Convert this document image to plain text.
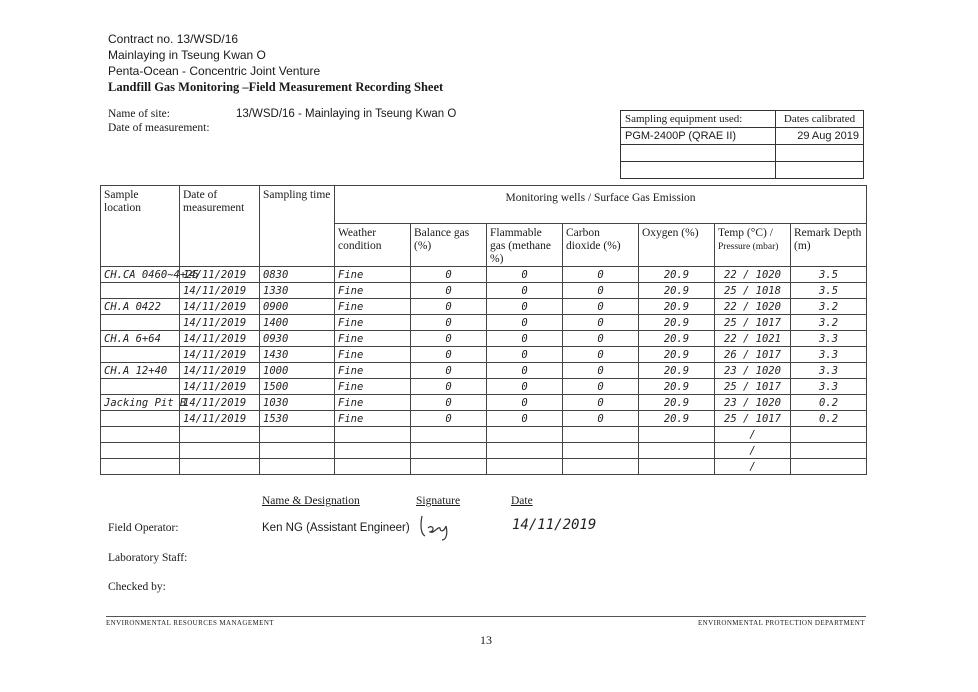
Contract no. 13/WSD/16
Mainlaying in Tseung Kwan O
Penta-Ocean - Concentric Joint Venture
Landfill Gas Monitoring –Field Measurement Recording Sheet
Name of site:	13/WSD/16 - Mainlaying in Tseung Kwan O
Date of measurement:
Sampling equipment used:	Dates calibrated
PGM-2400P (QRAE II)	29 Aug 2019

Sample location	Date of measurement	Sampling time	Monitoring wells / Surface Gas Emission						
			Weather condition	Balance gas (%)	Flammable gas (methane %)	Carbon dioxide (%)	Oxygen (%)	Temp (°C) /
Pressure (mbar)	Remark Depth (m)
CH.CA 0460~4+25	14/11/2019	0830	Fine	0	0	0	20.9	22 / 1020	3.5
	14/11/2019	1330	Fine	0	0	0	20.9	25 / 1018	3.5
CH.A 0422	14/11/2019	0900	Fine	0	0	0	20.9	22 / 1020	3.2
	14/11/2019	1400	Fine	0	0	0	20.9	25 / 1017	3.2
CH.A 6+64	14/11/2019	0930	Fine	0	0	0	20.9	22 / 1021	3.3
	14/11/2019	1430	Fine	0	0	0	20.9	26 / 1017	3.3
CH.A 12+40	14/11/2019	1000	Fine	0	0	0	20.9	23 / 1020	3.3
	14/11/2019	1500	Fine	0	0	0	20.9	25 / 1017	3.3
Jacking Pit B	14/11/2019	1030	Fine	0	0	0	20.9	23 / 1020	0.2
	14/11/2019	1530	Fine	0	0	0	20.9	25 / 1017	0.2
								/	
								/	
								/	
Name & Designation	Signature	Date
Field Operator:	Ken NG (Assistant Engineer)	14/11/2019
Laboratory Staff:
Checked by:
ENVIRONMENTAL RESOURCES MANAGEMENT	ENVIRONMENTAL PROTECTION DEPARTMENT
13
